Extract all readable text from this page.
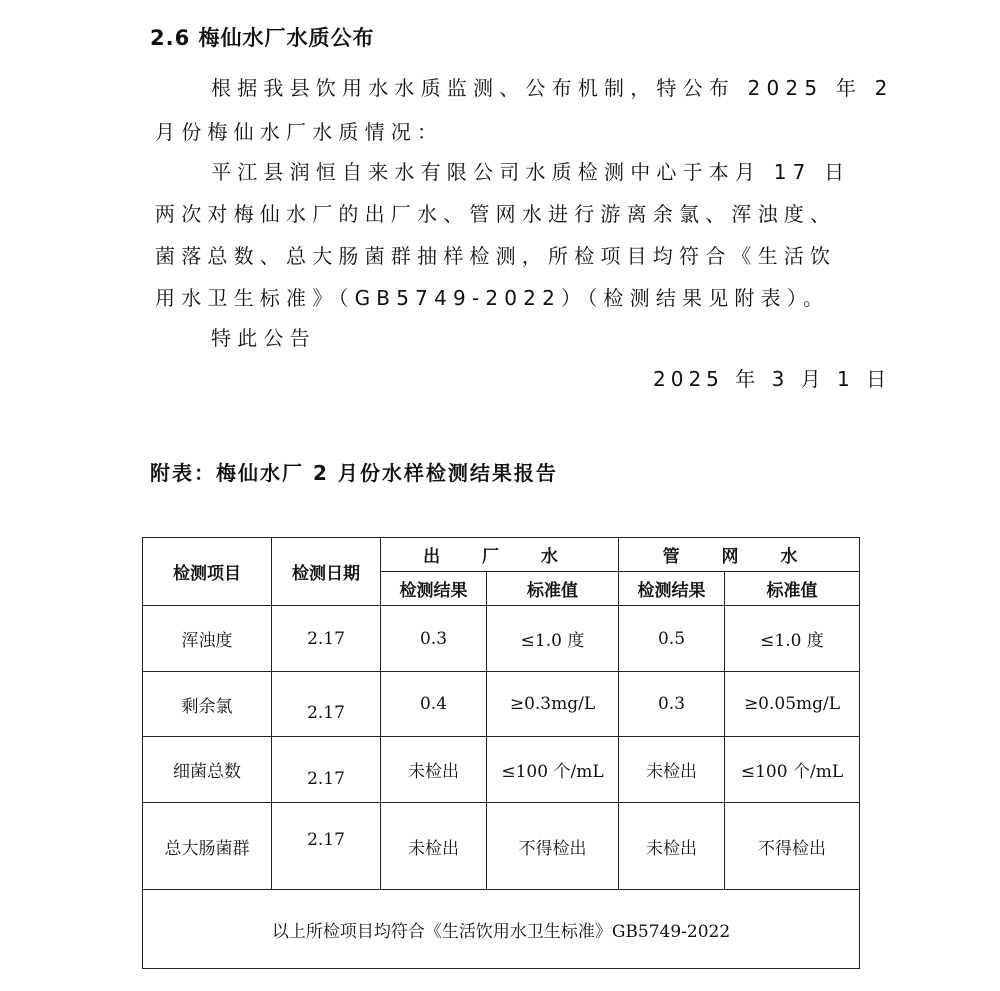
2.6 梅仙水厂水质公布
根据我县饮用水水质监测、公布机制，特公布 2025 年 2
月份梅仙水厂水质情况：
平江县润恒自来水有限公司水质检测中心于本月 17 日
两次对梅仙水厂的出厂水、管网水进行游离余氯、浑浊度、
菌落总数、总大肠菌群抽样检测，所检项目均符合《生活饮
用水卫生标准》（GB5749-2022）（检测结果见附表）。
特此公告
2025 年 3 月 1 日
附表：梅仙水厂 2 月份水样检测结果报告
检测项目	检测日期	出 厂 水		管 网 水	
		检测结果	标准值	检测结果	标准值
浑浊度	2.17	0.3	≤1.0 度	0.5	≤1.0 度
剩余氯	2.17	0.4	≥0.3mg/L	0.3	≥0.05mg/L
细菌总数	2.17	未检出	≤100 个/mL	未检出	≤100 个/mL
总大肠菌群	2.17	未检出	不得检出	未检出	不得检出
以上所检项目均符合《生活饮用水卫生标准》GB5749-2022					
